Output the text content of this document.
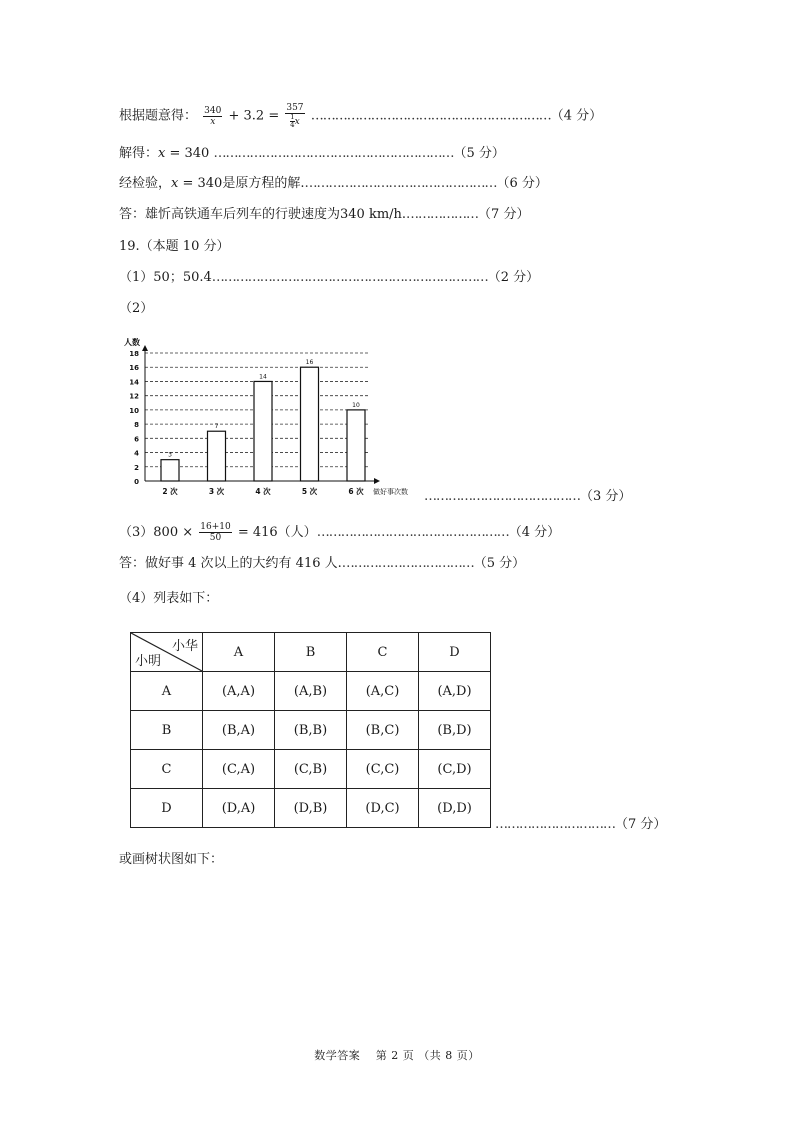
根据题意得： $\frac{340}{x} + 3.2 = \frac{357}{\frac{1}{4} x}$ ……………………………………………………（4 分）
解得：x = 340 ……………………………………………………（5 分）
经检验，x = 340是原方程的解.…………………………………………（6 分）
答：雄忻高铁通车后列车的行驶速度为340 km/h.………………（7 分）
19.（本题 10 分）
（1）50；50.4……………………………………………………………（2 分）
（2）
0
2
4
6
8
10
12
14
16
18
人数
做好事次数
3
2 次
7
3 次
14
4 次
16
5 次
10
6 次	…………………………………（3 分）
$(3)800 \times \frac{16+10}{50} = 416$（人）…………………………………………（4 分）
答：做好事 4 次以上的大约有 416 人.……………………………（5 分）
（4）列表如下：
小华
小明	A	B	C	D
A	(A,A)	(A,B)	(A,C)	(A,D)
B	(B,A)	(B,B)	(B,C)	(B,D)
C	(C,A)	(C,B)	(C,C)	(C,D)
D	(D,A)	(D,B)	(D,C)	(D,D)
…………………………（7 分）
或画树状图如下：
数学答案　 第 2 页 （共 8 页）
